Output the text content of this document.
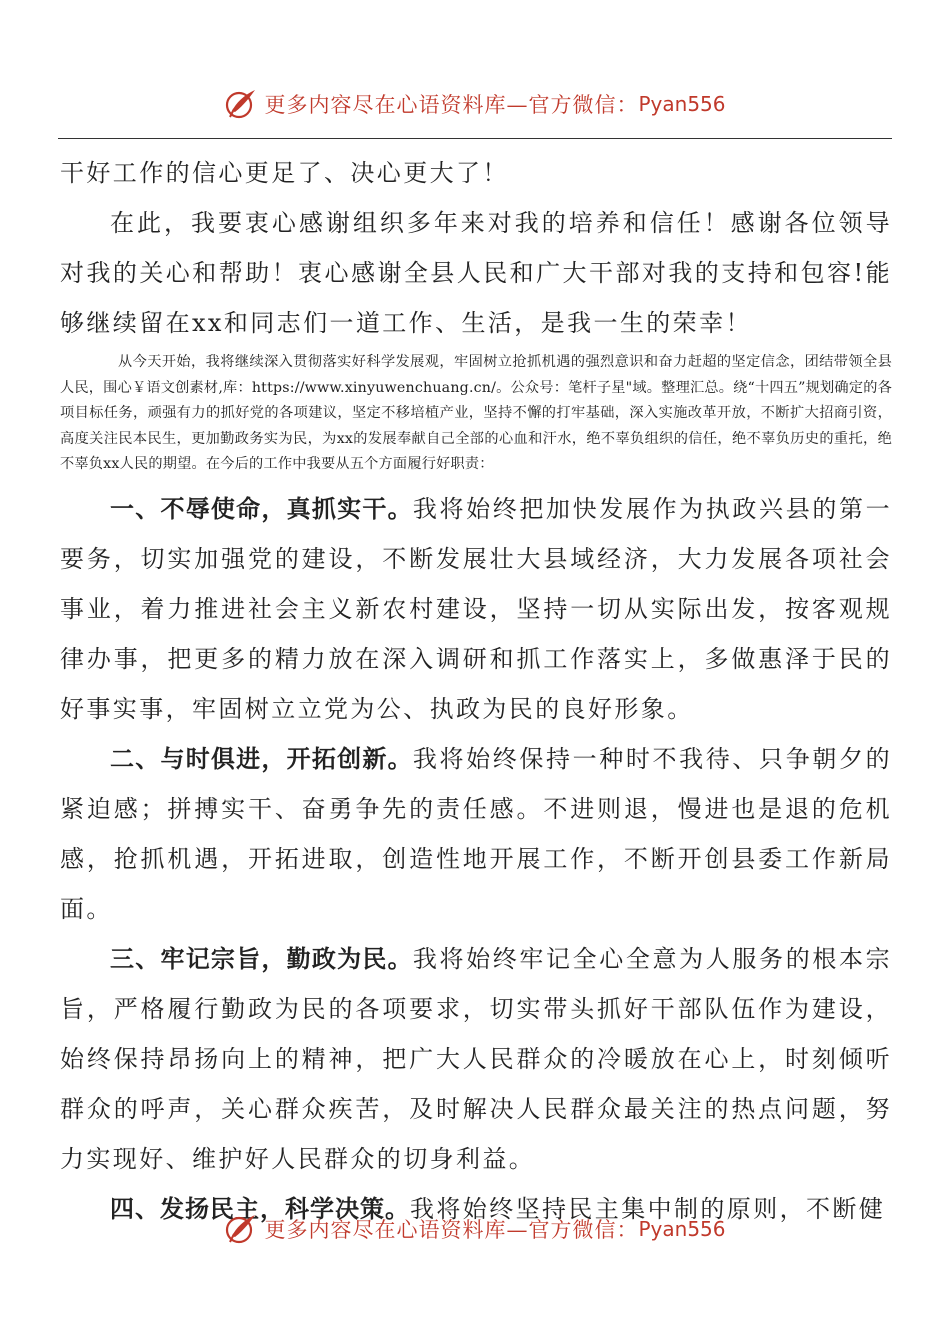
更多内容尽在心语资料库—官方微信： Pyan556

干好工作的信心更足了、决心更大了！

在此，我要衷心感谢组织多年来对我的培养和信任！感谢各位领导对我的关心和帮助！衷心感谢全县人民和广大干部对我的支持和包容!能够继续留在xx和同志们一道工作、生活，是我一生的荣幸！

从今天开始，我将继续深入贯彻落实好科学发展观，牢固树立抢抓机遇的强烈意识和奋力赶超的坚定信念，团结带领全县人民，围心￥语文创素材,库：https://www.xinyuwenchuang.cn/。公众号：笔杆子星"域。整理汇总。绕“十四五”规划确定的各项目标任务，顽强有力的抓好党的各项建议，坚定不移培植产业，坚持不懈的打牢基础，深入实施改革开放，不断扩大招商引资，高度关注民本民生，更加勤政务实为民，为xx的发展奉献自己全部的心血和汗水，绝不辜负组织的信任，绝不辜负历史的重托，绝不辜负xx人民的期望。在今后的工作中我要从五个方面履行好职责：

一、不辱使命，真抓实干。我将始终把加快发展作为执政兴县的第一要务，切实加强党的建设，不断发展壮大县域经济，大力发展各项社会事业，着力推进社会主义新农村建设，坚持一切从实际出发，按客观规律办事，把更多的精力放在深入调研和抓工作落实上，多做惠泽于民的好事实事，牢固树立立党为公、执政为民的良好形象。

二、与时俱进，开拓创新。我将始终保持一种时不我待、只争朝夕的紧迫感；拼搏实干、奋勇争先的责任感。不进则退，慢进也是退的危机感，抢抓机遇，开拓进取，创造性地开展工作，不断开创县委工作新局面。

三、牢记宗旨，勤政为民。我将始终牢记全心全意为人服务的根本宗旨，严格履行勤政为民的各项要求，切实带头抓好干部队伍作为建设，始终保持昂扬向上的精神，把广大人民群众的冷暖放在心上，时刻倾听群众的呼声，关心群众疾苦，及时解决人民群众最关注的热点问题，努力实现好、维护好人民群众的切身利益。

四、发扬民主，科学决策。我将始终坚持民主集中制的原则，不断健

更多内容尽在心语资料库—官方微信： Pyan556
